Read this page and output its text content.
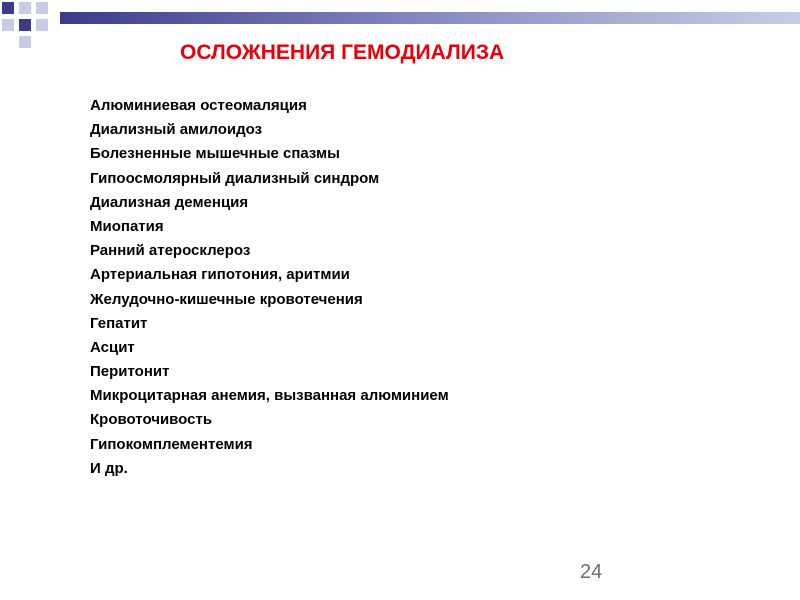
ОСЛОЖНЕНИЯ ГЕМОДИАЛИЗА
Алюминиевая остеомаляция
Диализный амилоидоз
Болезненные мышечные спазмы
Гипоосмолярный диализный синдром
Диализная деменция
Миопатия
Ранний атеросклероз
Артериальная гипотония, аритмии
Желудочно-кишечные кровотечения
Гепатит
Асцит
Перитонит
Микроцитарная анемия, вызванная алюминием
Кровоточивость
Гипокомплементемия
И др.
24
